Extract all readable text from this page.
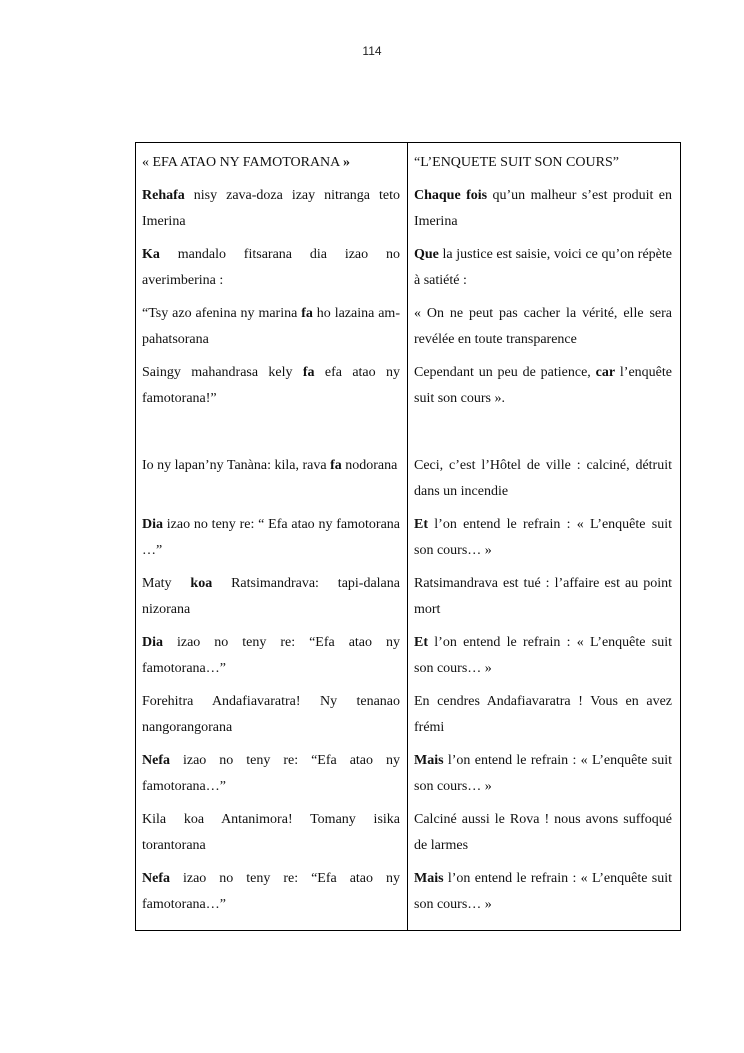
114
« EFA ATAO NY FAMOTORANA »	“L’ENQUETE SUIT SON COURS”
Rehafa nisy zava-doza izay nitranga teto Imerina
Chaque fois qu’un malheur s’est produit en Imerina
Ka mandalo fitsarana dia izao no averimberina :
Que la justice est saisie, voici ce qu’on répète à satiété :
“Tsy azo afenina ny marina fa ho lazaina am-pahatsorana
« On ne peut pas cacher la vérité, elle sera revélée en toute transparence
Saingy mahandrasa kely fa efa atao ny famotorana!”
Cependant un peu de patience, car l’enquête suit son cours ».
Io ny lapan’ny Tanàna: kila, rava fa nodorana Ceci, c’est l’Hôtel de ville : calciné, détruit dans un incendie
Dia izao no teny re: “ Efa atao ny famotorana …”
Et l’on entend le refrain : « L’enquête suit son cours… »
Maty koa Ratsimandrava: tapi-dalana nizorana
Ratsimandrava est tué : l’affaire est au point mort
Dia izao no teny re: “Efa atao ny famotorana…”
Et l’on entend le refrain : « L’enquête suit son cours… »
Forehitra Andafiavaratra! Ny tenanao nangorangorana
En cendres Andafiavaratra ! Vous en avez frémi
Nefa izao no teny re: “Efa atao ny famotorana…”
Mais l’on entend le refrain : « L’enquête suit son cours… »
Kila koa Antanimora! Tomany isika torantorana
Calciné aussi le Rova ! nous avons suffoqué de larmes
Nefa izao no teny re: “Efa atao ny famotorana…”
Mais l’on entend le refrain : « L’enquête suit son cours… »
